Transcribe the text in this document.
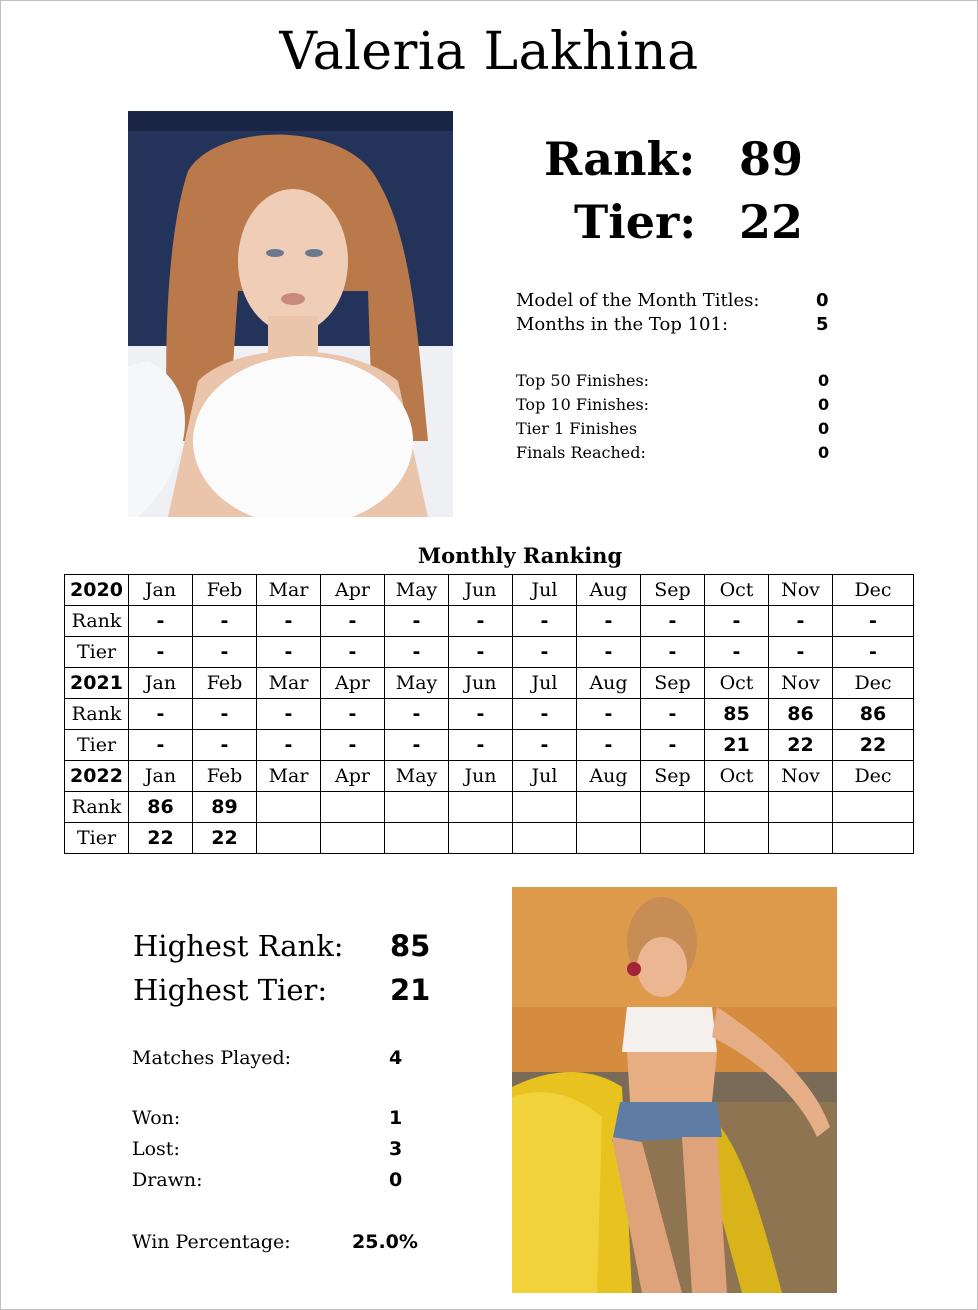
Valeria Lakhina
Rank: 89
Tier: 22
Model of the Month Titles:	0
Months in the Top 101:	5
Top 50 Finishes:	0
Top 10 Finishes:	0
Tier 1 Finishes	0
Finals Reached:	0
Monthly Ranking
2020	Jan	Feb	Mar	Apr	May	Jun	Jul	Aug	Sep	Oct	Nov	Dec
Rank	-	-	-	-	-	-	-	-	-	-	-	-
Tier	-	-	-	-	-	-	-	-	-	-	-	-
2021	Jan	Feb	Mar	Apr	May	Jun	Jul	Aug	Sep	Oct	Nov	Dec
Rank	-	-	-	-	-	-	-	-	-	85	86	86
Tier	-	-	-	-	-	-	-	-	-	21	22	22
2022	Jan	Feb	Mar	Apr	May	Jun	Jul	Aug	Sep	Oct	Nov	Dec
Rank	86	89										
Tier	22	22										
Highest Rank: 85
Highest Tier: 21
Matches Played:	4
Won:	1
Lost:	3
Drawn:	0
Win Percentage:	25.0%
